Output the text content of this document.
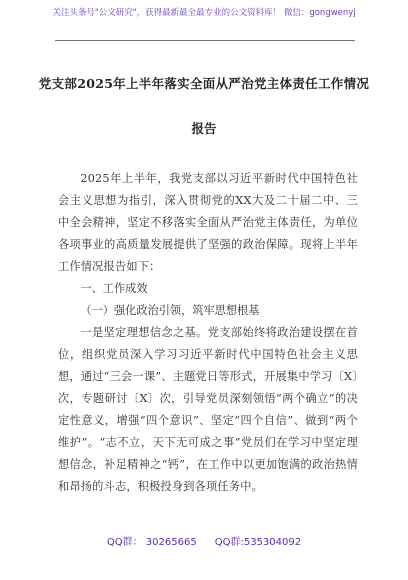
关注头条号"公文研究"，获得最新最全最专业的公文资料库！ 微信：gongwenyj
党支部2025年上半年落实全面从严治党主体责任工作情况
报告

2025年上半年，我党支部以习近平新时代中国特色社会主义思想为指引，深入贯彻党的XX大及二十届二中、三中全会精神，坚定不移落实全面从严治党主体责任，为单位各项事业的高质量发展提供了坚强的政治保障。现将上半年工作情况报告如下：

一、工作成效

（一）强化政治引领，筑牢思想根基

一是坚定理想信念之基。党支部始终将政治建设摆在首位，组织党员深入学习习近平新时代中国特色社会主义思想，通过“三会一课”、主题党日等形式，开展集中学习〔X〕次，专题研讨〔X〕次，引导党员深刻领悟“两个确立”的决定性意义，增强“四个意识”、坚定“四个自信”、做到“两个维护”。“志不立，天下无可成之事”党员们在学习中坚定理想信念，补足精神之“钙”，在工作中以更加饱满的政治热情和昂扬的斗志，积极投身到各项任务中。

QQ群： 30265665 QQ群:535304092
